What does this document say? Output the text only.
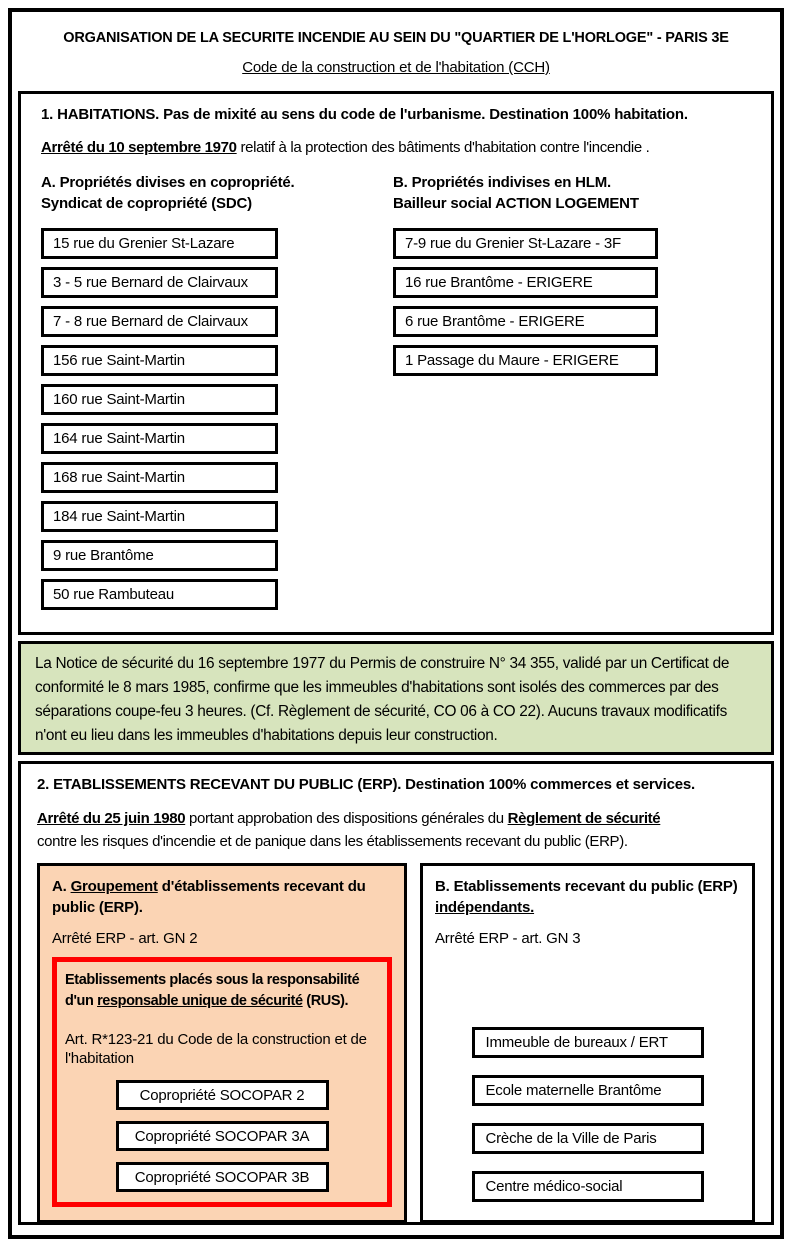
ORGANISATION DE LA SECURITE INCENDIE AU SEIN DU "QUARTIER DE L'HORLOGE" - PARIS 3E
Code de la construction et de l'habitation (CCH)
1. HABITATIONS. Pas de mixité au sens du code de l'urbanisme. Destination 100% habitation.

Arrêté du 10 septembre 1970 relatif à la protection des bâtiments d'habitation contre l'incendie .

A. Propriétés divises en copropriété.
Syndicat de copropriété (SDC)
15 rue du Grenier St-Lazare
3 - 5 rue Bernard de Clairvaux
7 - 8 rue Bernard de Clairvaux
156 rue Saint-Martin
160 rue Saint-Martin
164 rue Saint-Martin
168 rue Saint-Martin
184 rue Saint-Martin
9 rue Brantôme
50 rue Rambuteau
B. Propriétés indivises en HLM.
Bailleur social ACTION LOGEMENT
7-9 rue du Grenier St-Lazare - 3F
16 rue Brantôme - ERIGERE
6 rue Brantôme - ERIGERE
1 Passage du Maure - ERIGERE
La Notice de sécurité du 16 septembre 1977 du Permis de construire N° 34 355, validé par un Certificat de conformité le 8 mars 1985, confirme que les immeubles d'habitations sont isolés des commerces par des séparations coupe-feu 3 heures. (Cf. Règlement de sécurité, CO 06 à CO 22). Aucuns travaux modificatifs n'ont eu lieu dans les immeubles d'habitations depuis leur construction.
2. ETABLISSEMENTS RECEVANT DU PUBLIC (ERP). Destination 100% commerces et services.

Arrêté du 25 juin 1980 portant approbation des dispositions générales du Règlement de sécurité
contre les risques d'incendie et de panique dans les établissements recevant du public (ERP).

A. Groupement d'établissements recevant du public (ERP).
Arrêté ERP - art. GN 2
Etablissements placés sous la responsabilité d'un responsable unique de sécurité (RUS).
Art. R*123-21 du Code de la construction et de l'habitation
Copropriété SOCOPAR 2
Copropriété SOCOPAR 3A
Copropriété SOCOPAR 3B
B. Etablissements recevant du public (ERP)
indépendants.
Arrêté ERP - art. GN 3
Immeuble de bureaux / ERT
Ecole maternelle Brantôme
Crèche de la Ville de Paris
Centre médico-social
